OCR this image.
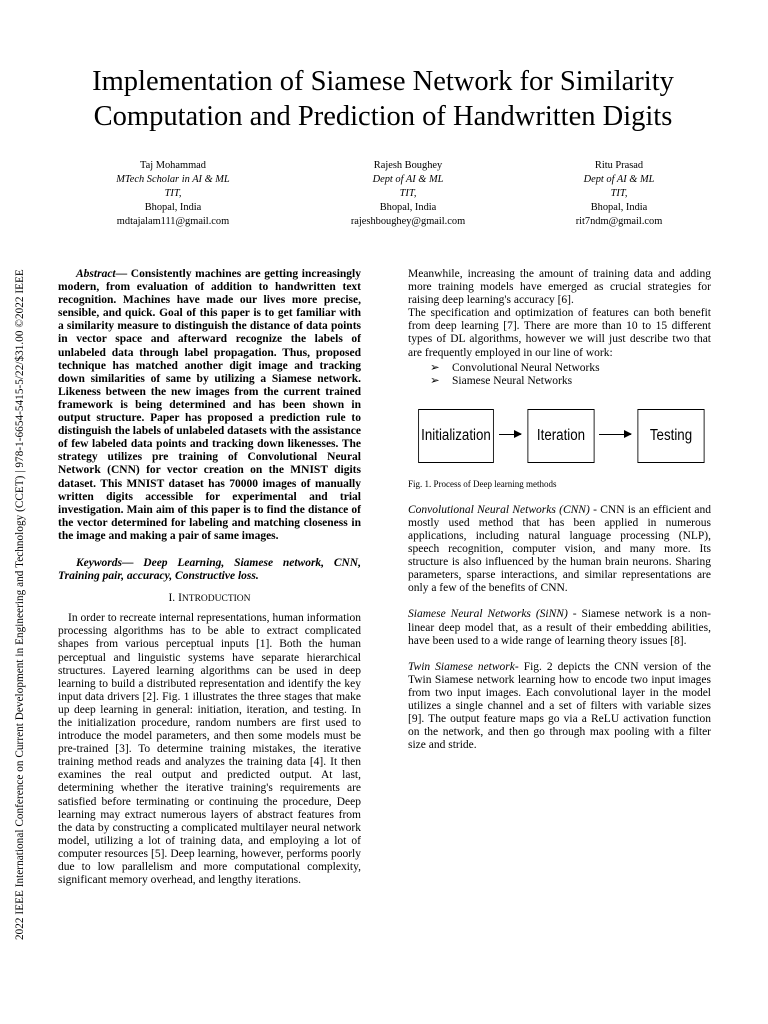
2022 IEEE International Conference on Current Development in Engineering and Technology (CCET) | 978-1-6654-5415-5/22/$31.00 ©2022 IEEE
Implementation of Siamese Network for Similarity
Computation and Prediction of Handwritten Digits
Taj Mohammad
MTech Scholar in AI & ML
TIT,
Bhopal, India
mdtajalam111@gmail.com
Rajesh Boughey
Dept of AI & ML
TIT,
Bhopal, India
rajeshboughey@gmail.com
Ritu Prasad
Dept of AI & ML
TIT,
Bhopal, India
rit7ndm@gmail.com

Abstract— Consistently machines are getting increasingly modern, from evaluation of addition to handwritten text recognition. Machines have made our lives more precise, sensible, and quick. Goal of this paper is to get familiar with a similarity measure to distinguish the distance of data points in vector space and afterward recognize the labels of unlabeled data through label propagation. Thus, proposed technique has matched another digit image and tracking down similarities of same by utilizing a Siamese network. Likeness between the new images from the current trained framework is being determined and has been shown in output structure. Paper has proposed a prediction rule to distinguish the labels of unlabeled datasets with the assistance of few labeled data points and tracking down likenesses. The strategy utilizes pre training of Convolutional Neural Network (CNN) for vector creation on the MNIST digits dataset. This MNIST dataset has 70000 images of manually written digits accessible for experimental and trial investigation. Main aim of this paper is to find the distance of the vector determined for labeling and matching closeness in the image and making a pair of same images.

Keywords— Deep Learning, Siamese network, CNN, Training pair, accuracy, Constructive loss.

I. INTRODUCTION

In order to recreate internal representations, human information processing algorithms has to be able to extract complicated shapes from various perceptual inputs [1]. Both the human perceptual and linguistic systems have separate hierarchical structures. Layered learning algorithms can be used in deep learning to build a distributed representation and identify the key input data drivers [2]. Fig. 1 illustrates the three stages that make up deep learning in general: initiation, iteration, and testing. In the initialization procedure, random numbers are first used to introduce the model parameters, and then some models must be pre-trained [3]. To determine training mistakes, the iterative training method reads and analyzes the training data [4]. It then examines the real output and predicted output. At last, determining whether the iterative training's requirements are satisfied before terminating or continuing the procedure, Deep learning may extract numerous layers of abstract features from the data by constructing a complicated multilayer neural network model, utilizing a lot of training data, and employing a lot of computer resources [5]. Deep learning, however, performs poorly due to low parallelism and more computational complexity, significant memory overhead, and lengthy iterations.

Meanwhile, increasing the amount of training data and adding more training models have emerged as crucial strategies for raising deep learning's accuracy [6].

The specification and optimization of features can both benefit from deep learning [7]. There are more than 10 to 15 different types of DL algorithms, however we will just describe two that are frequently employed in our line of work:

➢ Convolutional Neural Networks
➢ Siamese Neural Networks
Initialization	Iteration	Testing

Fig. 1. Process of Deep learning methods

Convolutional Neural Networks (CNN) - CNN is an efficient and mostly used method that has been applied in numerous applications, including natural language processing (NLP), speech recognition, computer vision, and many more. Its structure is also influenced by the human brain neurons. Sharing parameters, sparse interactions, and similar representations are only a few of the benefits of CNN.

Siamese Neural Networks (SiNN) - Siamese network is a non-linear deep model that, as a result of their embedding abilities, have been used to a wide range of learning theory issues [8].

Twin Siamese network- Fig. 2 depicts the CNN version of the Twin Siamese network learning how to encode two input images from two input images. Each convolutional layer in the model utilizes a single channel and a set of filters with variable sizes [9]. The output feature maps go via a ReLU activation function on the network, and then go through max pooling with a filter size and stride.
